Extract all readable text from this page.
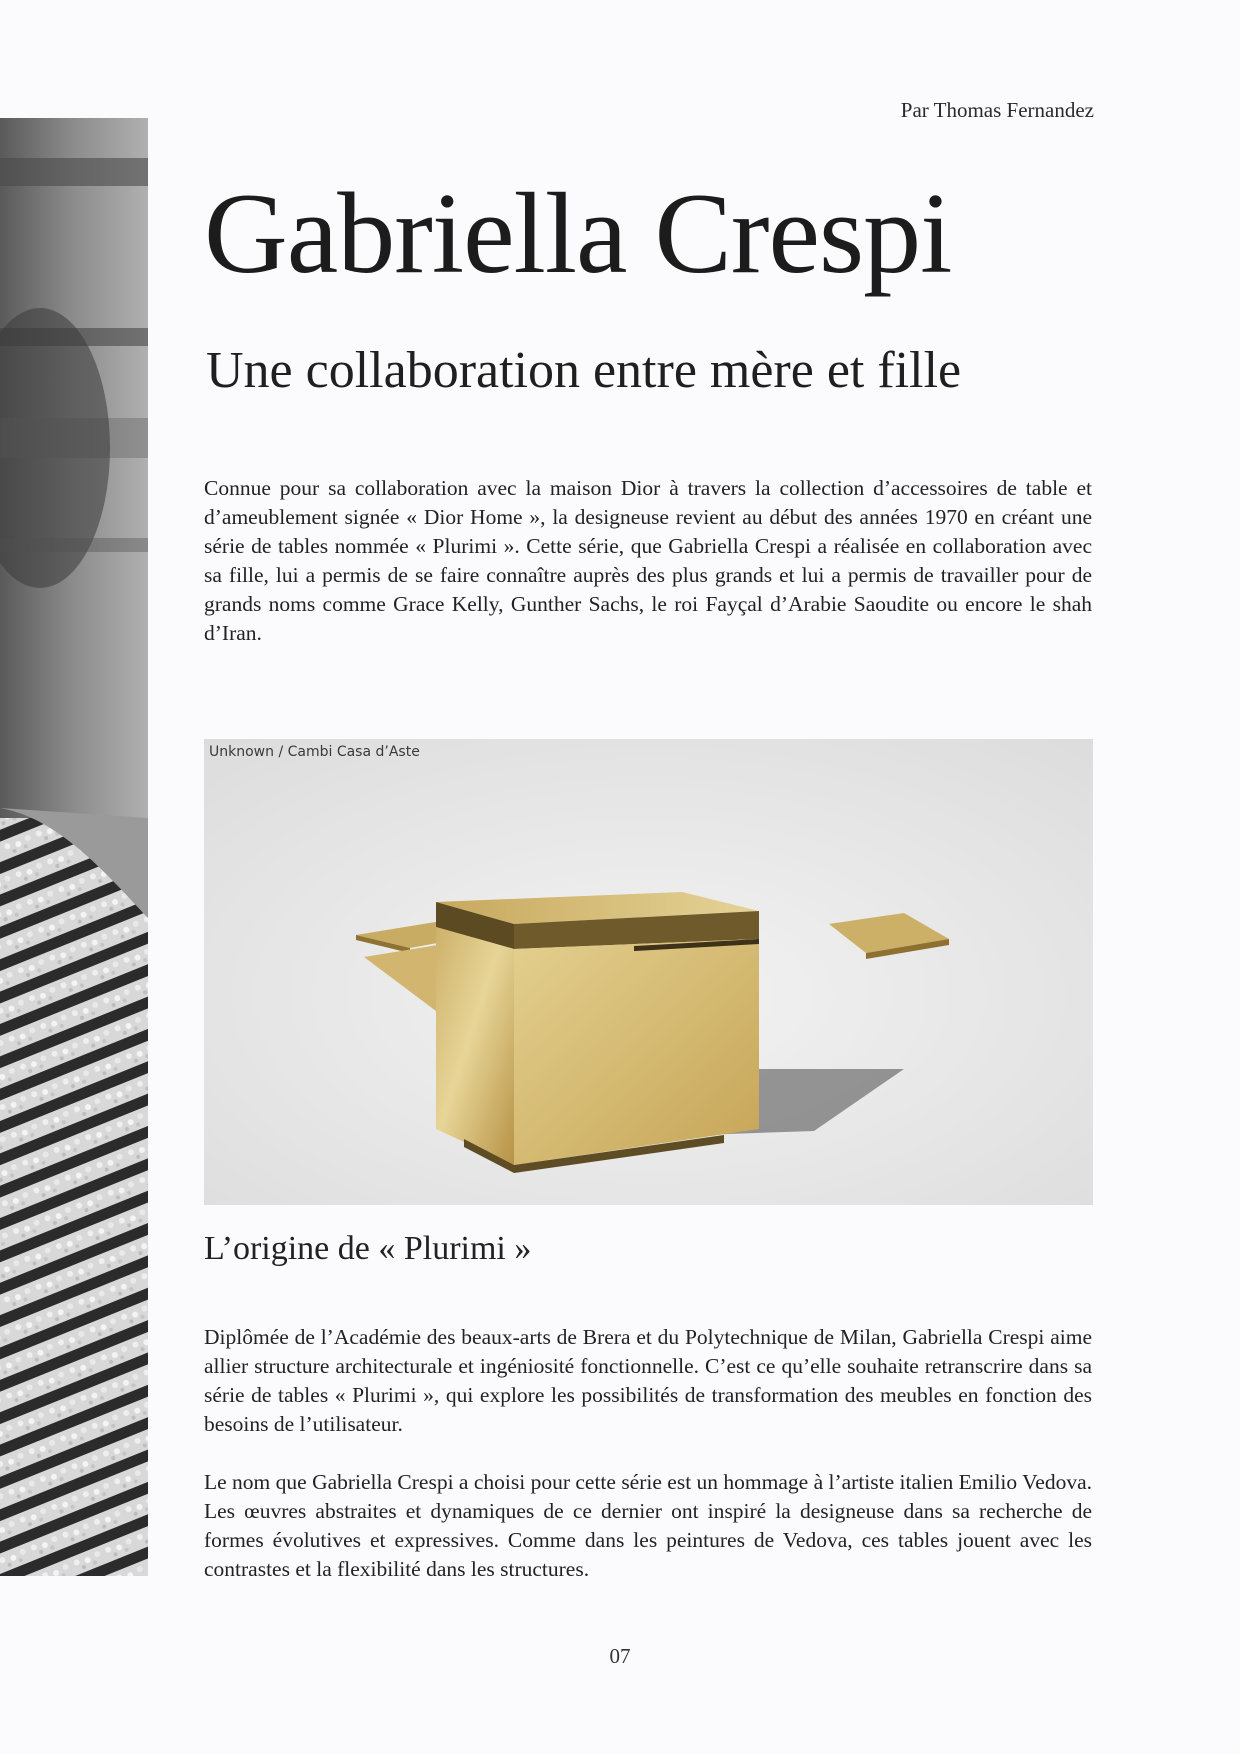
Par Thomas Fernandez

Gabriella Crespi
Une collaboration entre mère et fille

Connue pour sa collaboration avec la maison Dior à travers la collection d’accessoires de table et d’ameublement signée « Dior Home », la designeuse revient au début des années 1970 en créant une série de tables nommée « Plurimi ». Cette série, que Gabriella Crespi a réalisée en collaboration avec sa fille, lui a permis de se faire connaître auprès des plus grands et lui a permis de travailler pour de grands noms comme Grace Kelly, Gunther Sachs, le roi Fayçal d’Arabie Saoudite ou encore le shah d’Iran.

Unknown / Cambi Casa d’Aste

L’origine de « Plurimi »

Diplômée de l’Académie des beaux-arts de Brera et du Polytechnique de Milan, Gabriella Crespi aime allier structure architecturale et ingéniosité fonctionnelle. C’est ce qu’elle souhaite retranscrire dans sa série de tables « Plurimi », qui explore les possibilités de transformation des meubles en fonction des besoins de l’utilisateur.

Le nom que Gabriella Crespi a choisi pour cette série est un hommage à l’artiste italien Emilio Vedova. Les œuvres abstraites et dynamiques de ce dernier ont inspiré la designeuse dans sa recherche de formes évolutives et expressives. Comme dans les peintures de Vedova, ces tables jouent avec les contrastes et la flexibilité dans les structures.

07
